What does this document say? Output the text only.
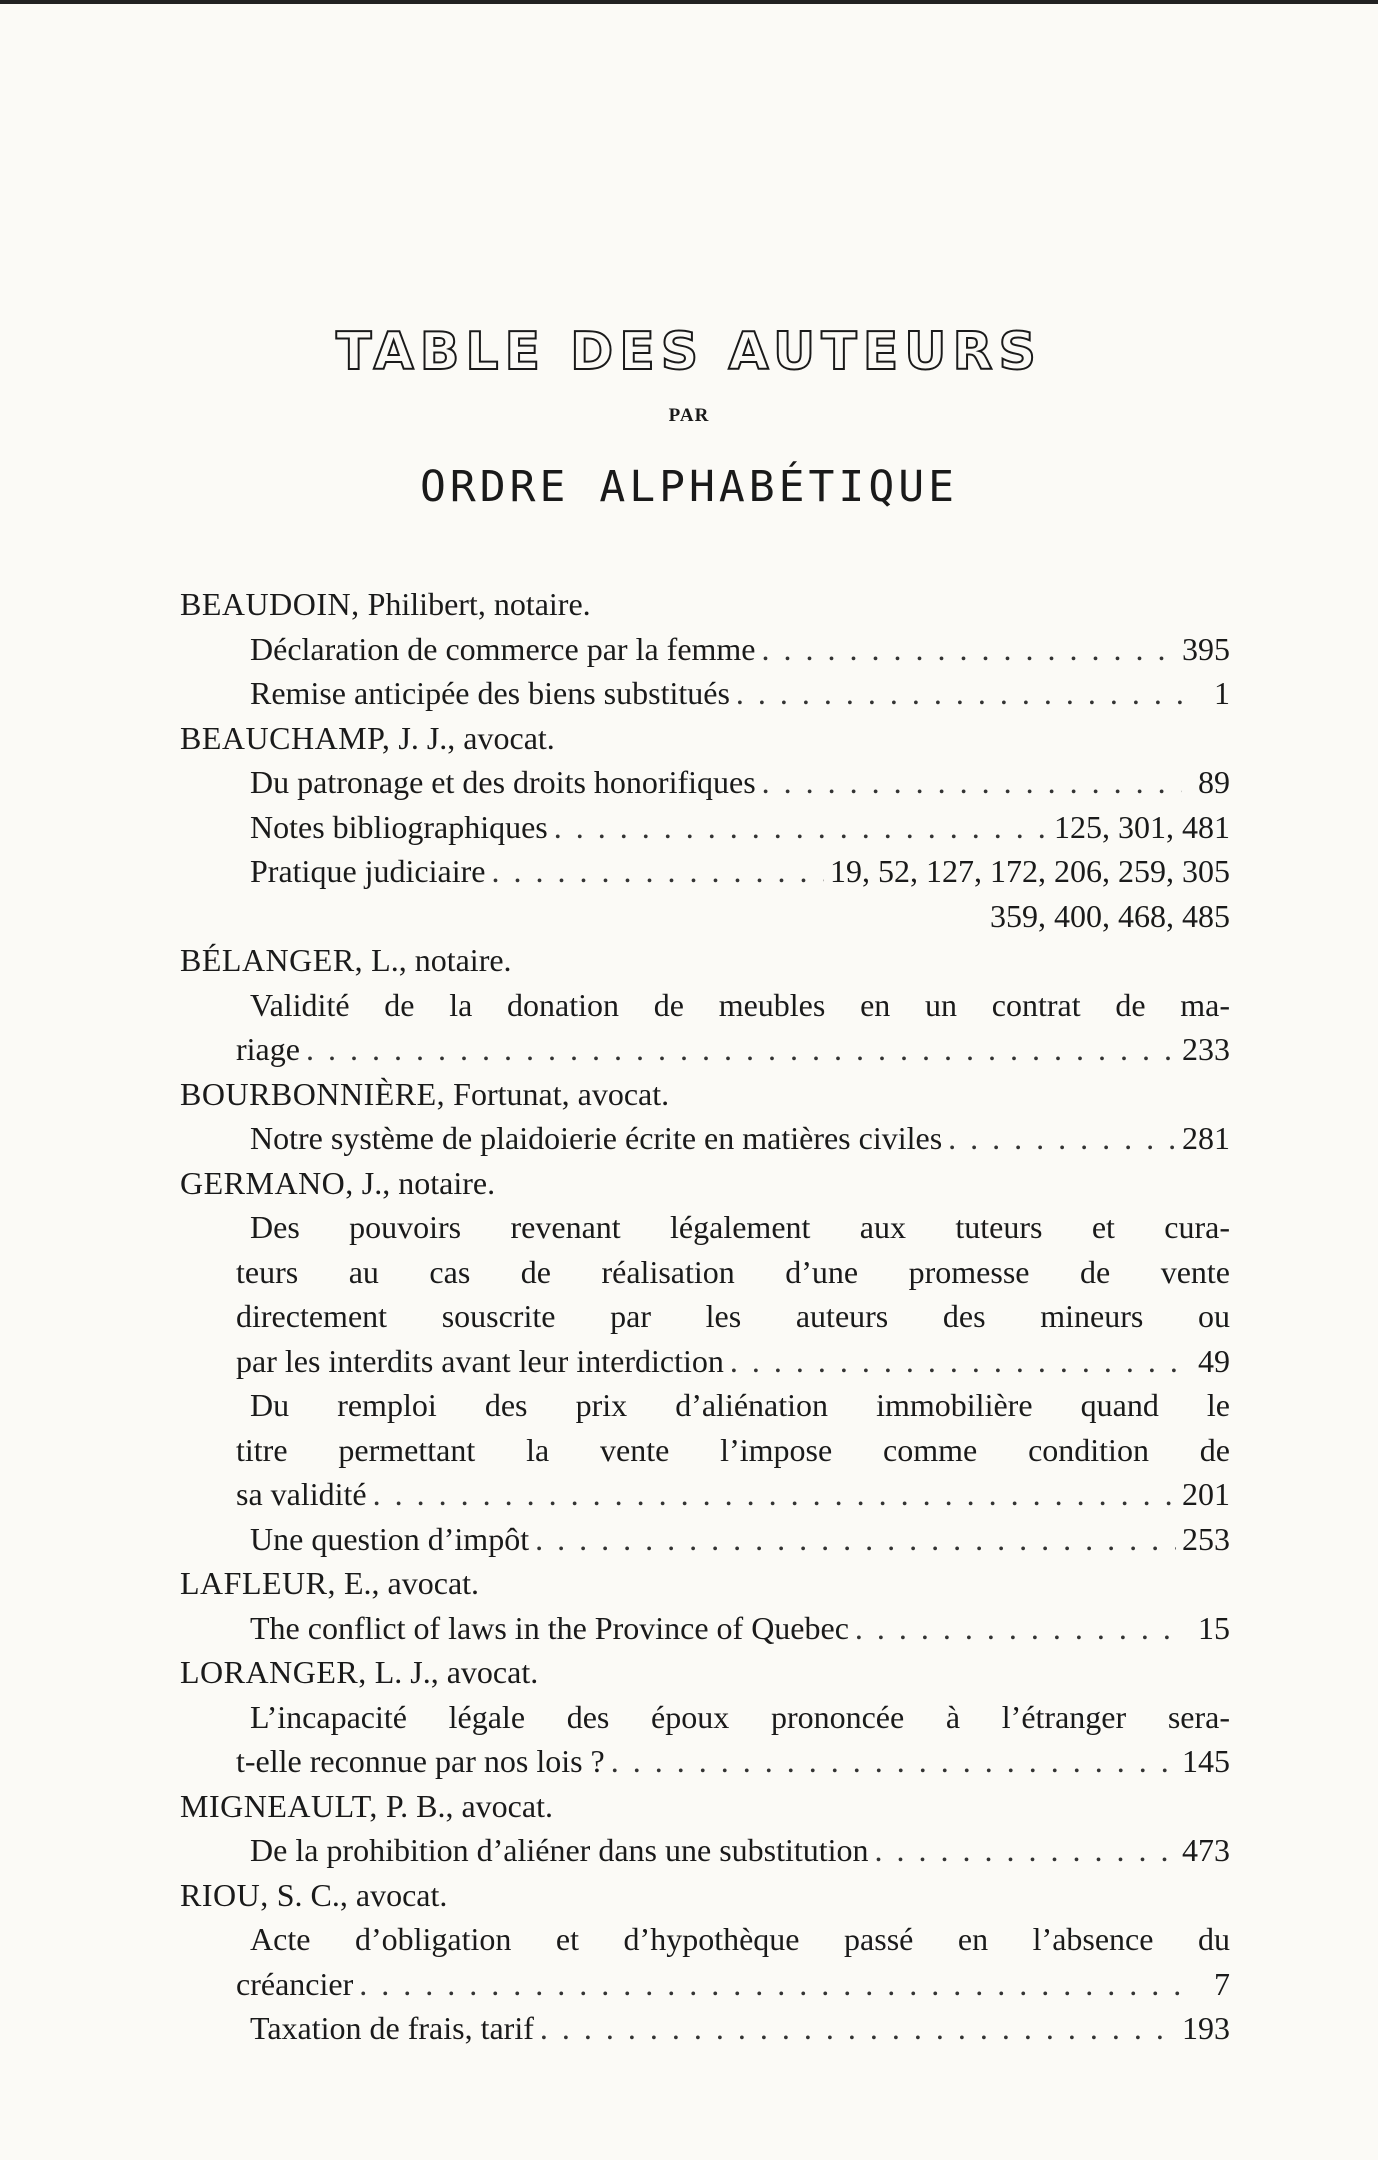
TABLE DES AUTEURS
PAR
ORDRE ALPHABÉTIQUE
BEAUDOIN, Philibert, notaire.
Déclaration de commerce par la femme . . .	395
Remise anticipée des biens substitués . . .	1
BEAUCHAMP, J. J., avocat.
Du patronage et des droits honorifiques . . .	89
Notes bibliographiques . . .	125, 301, 481
Pratique judiciaire . . .	19, 52, 127, 172, 206, 259, 305
359, 400, 468, 485
BÉLANGER, L., notaire.
Validité de la donation de meubles en un contrat de ma-
riage . . .	233
BOURBONNIÈRE, Fortunat, avocat.
Notre système de plaidoierie écrite en matières civiles . . .	281
GERMANO, J., notaire.
Des pouvoirs revenant légalement aux tuteurs et cura-
teurs au cas de réalisation d’une promesse de vente
directement souscrite par les auteurs des mineurs ou
par les interdits avant leur interdiction . . .	49
Du remploi des prix d’aliénation immobilière quand le
titre permettant la vente l’impose comme condition de
sa validité . . .	201
Une question d’impôt . . .	253
LAFLEUR, E., avocat.
The conflict of laws in the Province of Quebec . . .	15
LORANGER, L. J., avocat.
L’incapacité légale des époux prononcée à l’étranger sera-
t-elle reconnue par nos lois ? . . .	145
MIGNEAULT, P. B., avocat.
De la prohibition d’aliéner dans une substitution . . .	473
RIOU, S. C., avocat.
Acte d’obligation et d’hypothèque passé en l’absence du
créancier . . .	7
Taxation de frais, tarif . . .	193
